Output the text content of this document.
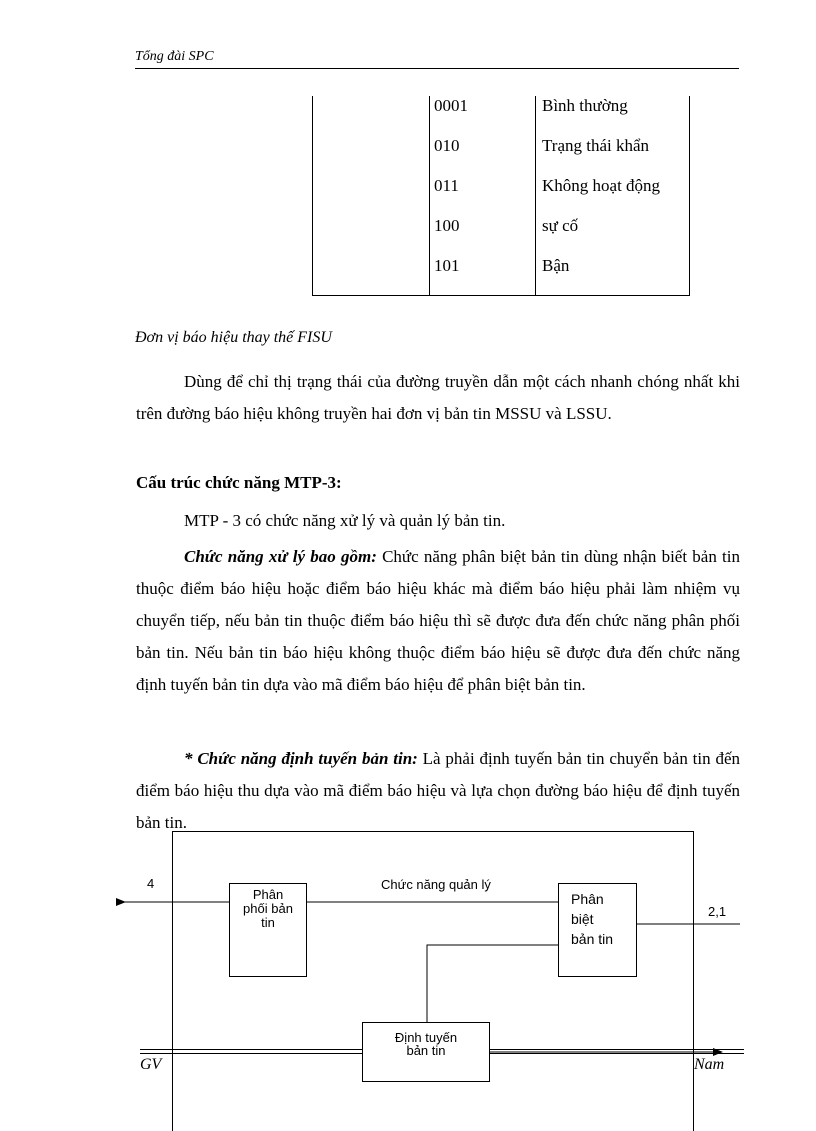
Tổng đài SPC
0001	Bình thường
010	Trạng thái khẩn
011	Không hoạt động
100	sự cố
101	Bận
Đơn vị báo hiệu thay thế FISU
Dùng để chỉ thị trạng thái của đường truyền dẫn một cách nhanh chóng nhất khi trên đường báo hiệu không truyền hai đơn vị bản tin MSSU và LSSU.
Cấu trúc chức năng MTP-3:
MTP - 3 có chức năng xử lý và quản lý bản tin.
Chức năng xử lý bao gồm: Chức năng phân biệt bản tin dùng nhận biết bản tin thuộc điểm báo hiệu hoặc điểm báo hiệu khác mà điểm báo hiệu phải làm nhiệm vụ chuyển tiếp, nếu bản tin thuộc điểm báo hiệu thì sẽ được đưa đến chức năng phân phối bản tin. Nếu bản tin báo hiệu không thuộc điểm báo hiệu sẽ được đưa đến chức năng định tuyến bản tin dựa vào mã điểm báo hiệu để phân biệt bản tin.
* Chức năng định tuyến bản tin: Là phải định tuyến bản tin chuyển bản tin đến điểm báo hiệu thu dựa vào mã điểm báo hiệu và lựa chọn đường báo hiệu để định tuyến bản tin.
GV	Nam
4
2,1
Chức năng quản lý
Phân
phối bản
tin
Phân
biệt
bản tin
Định tuyến
bản tin
